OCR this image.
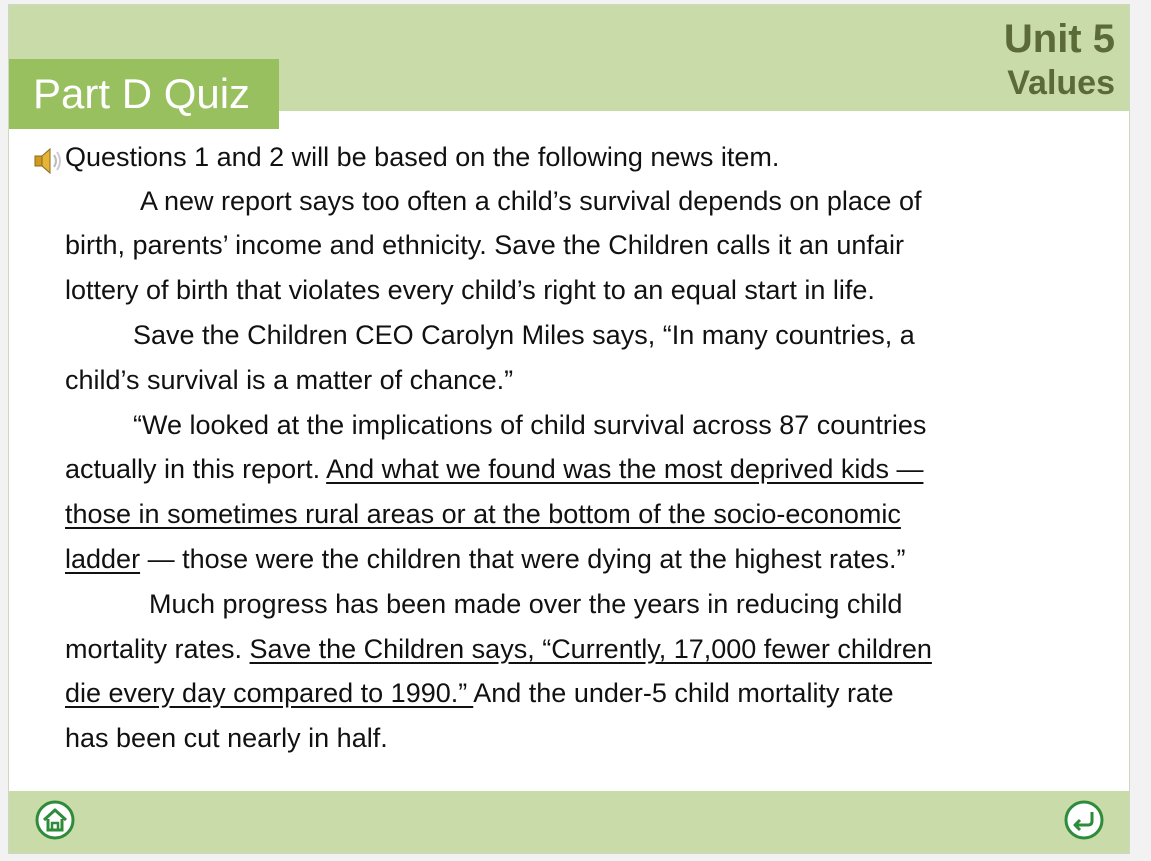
Part D Quiz
Unit 5
Values
Questions 1 and 2 will be based on the following news item.
A new report says too often a child’s survival depends on place of
birth, parents’ income and ethnicity. Save the Children calls it an unfair
lottery of birth that violates every child’s right to an equal start in life.
Save the Children CEO Carolyn Miles says, “In many countries, a
child’s survival is a matter of chance.”
“We looked at the implications of child survival across 87 countries
actually in this report. And what we found was the most deprived kids —
those in sometimes rural areas or at the bottom of the socio-economic
ladder — those were the children that were dying at the highest rates.”
Much progress has been made over the years in reducing child
mortality rates. Save the Children says, “Currently, 17,000 fewer children
die every day compared to 1990.” And the under-5 child mortality rate
has been cut nearly in half.
